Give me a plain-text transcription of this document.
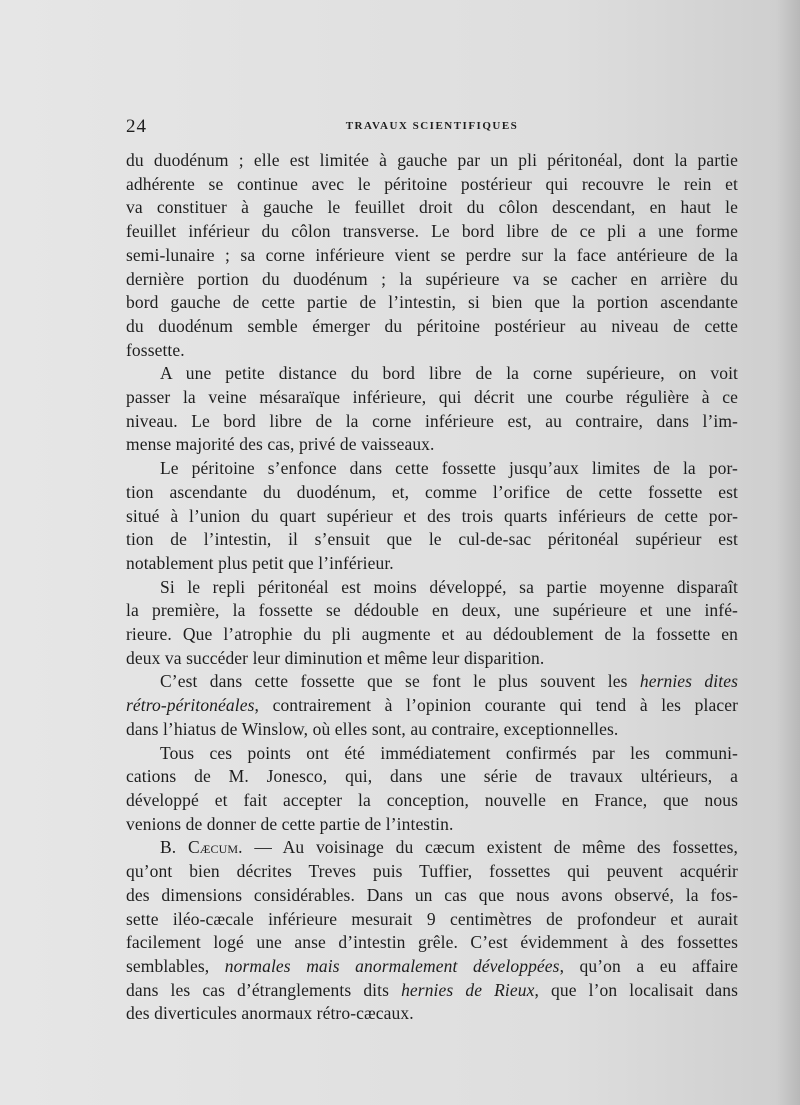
24	TRAVAUX SCIENTIFIQUES

du duodénum ; elle est limitée à gauche par un pli péritonéal, dont la partie
adhérente se continue avec le péritoine postérieur qui recouvre le rein et
va constituer à gauche le feuillet droit du côlon descendant, en haut le
feuillet inférieur du côlon transverse. Le bord libre de ce pli a une forme
semi-lunaire ; sa corne inférieure vient se perdre sur la face antérieure de la
dernière portion du duodénum ; la supérieure va se cacher en arrière du
bord gauche de cette partie de l’intestin, si bien que la portion ascendante
du duodénum semble émerger du péritoine postérieur au niveau de cette
fossette.

A une petite distance du bord libre de la corne supérieure, on voit
passer la veine mésaraïque inférieure, qui décrit une courbe régulière à ce
niveau. Le bord libre de la corne inférieure est, au contraire, dans l’im-
mense majorité des cas, privé de vaisseaux.

Le péritoine s’enfonce dans cette fossette jusqu’aux limites de la por-
tion ascendante du duodénum, et, comme l’orifice de cette fossette est
situé à l’union du quart supérieur et des trois quarts inférieurs de cette por-
tion de l’intestin, il s’ensuit que le cul-de-sac péritonéal supérieur est
notablement plus petit que l’inférieur.

Si le repli péritonéal est moins développé, sa partie moyenne disparaît
la première, la fossette se dédouble en deux, une supérieure et une infé-
rieure. Que l’atrophie du pli augmente et au dédoublement de la fossette en
deux va succéder leur diminution et même leur disparition.

C’est dans cette fossette que se font le plus souvent les hernies dites
rétro-péritonéales, contrairement à l’opinion courante qui tend à les placer
dans l’hiatus de Winslow, où elles sont, au contraire, exceptionnelles.

Tous ces points ont été immédiatement confirmés par les communi-
cations de M. Jonesco, qui, dans une série de travaux ultérieurs, a
développé et fait accepter la conception, nouvelle en France, que nous
venions de donner de cette partie de l’intestin.

B. Cæcum. — Au voisinage du cæcum existent de même des fossettes,
qu’ont bien décrites Treves puis Tuffier, fossettes qui peuvent acquérir
des dimensions considérables. Dans un cas que nous avons observé, la fos-
sette iléo-cæcale inférieure mesurait 9 centimètres de profondeur et aurait
facilement logé une anse d’intestin grêle. C’est évidemment à des fossettes
semblables, normales mais anormalement développées, qu’on a eu affaire
dans les cas d’étranglements dits hernies de Rieux, que l’on localisait dans
des diverticules anormaux rétro-cæcaux.
